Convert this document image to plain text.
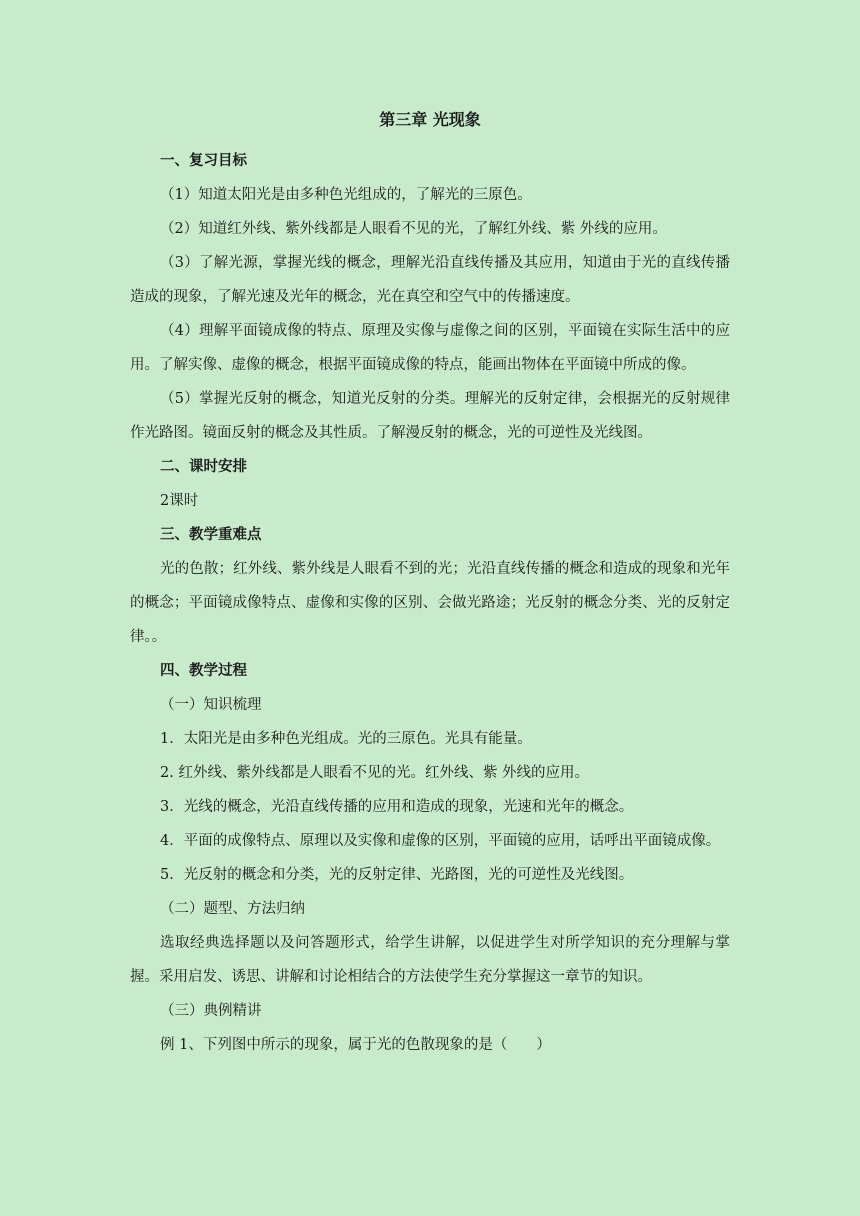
第三章 光现象

一、复习目标

（1）知道太阳光是由多种色光组成的，了解光的三原色。

（2）知道红外线、紫外线都是人眼看不见的光，了解红外线、紫 外线的应用。

（3）了解光源，掌握光线的概念，理解光沿直线传播及其应用，知道由于光的直线传播造成的现象，了解光速及光年的概念，光在真空和空气中的传播速度。

（4）理解平面镜成像的特点、原理及实像与虚像之间的区别，平面镜在实际生活中的应用。了解实像、虚像的概念，根据平面镜成像的特点，能画出物体在平面镜中所成的像。

（5）掌握光反射的概念，知道光反射的分类。理解光的反射定律，会根据光的反射规律作光路图。镜面反射的概念及其性质。了解漫反射的概念，光的可逆性及光线图。

二、课时安排

2课时

三、教学重难点

光的色散；红外线、紫外线是人眼看不到的光；光沿直线传播的概念和造成的现象和光年的概念；平面镜成像特点、虚像和实像的区别、会做光路途；光反射的概念分类、光的反射定律。。

四、教学过程

（一）知识梳理

1．太阳光是由多种色光组成。光的三原色。光具有能量。

2. 红外线、紫外线都是人眼看不见的光。红外线、紫 外线的应用。

3．光线的概念，光沿直线传播的应用和造成的现象，光速和光年的概念。

4．平面的成像特点、原理以及实像和虚像的区别，平面镜的应用，话呼出平面镜成像。

5．光反射的概念和分类，光的反射定律、光路图，光的可逆性及光线图。

（二）题型、方法归纳

选取经典选择题以及问答题形式，给学生讲解，以促进学生对所学知识的充分理解与掌握。采用启发、诱思、讲解和讨论相结合的方法使学生充分掌握这一章节的知识。

（三）典例精讲

例 1、下列图中所示的现象，属于光的色散现象的是（　　）
